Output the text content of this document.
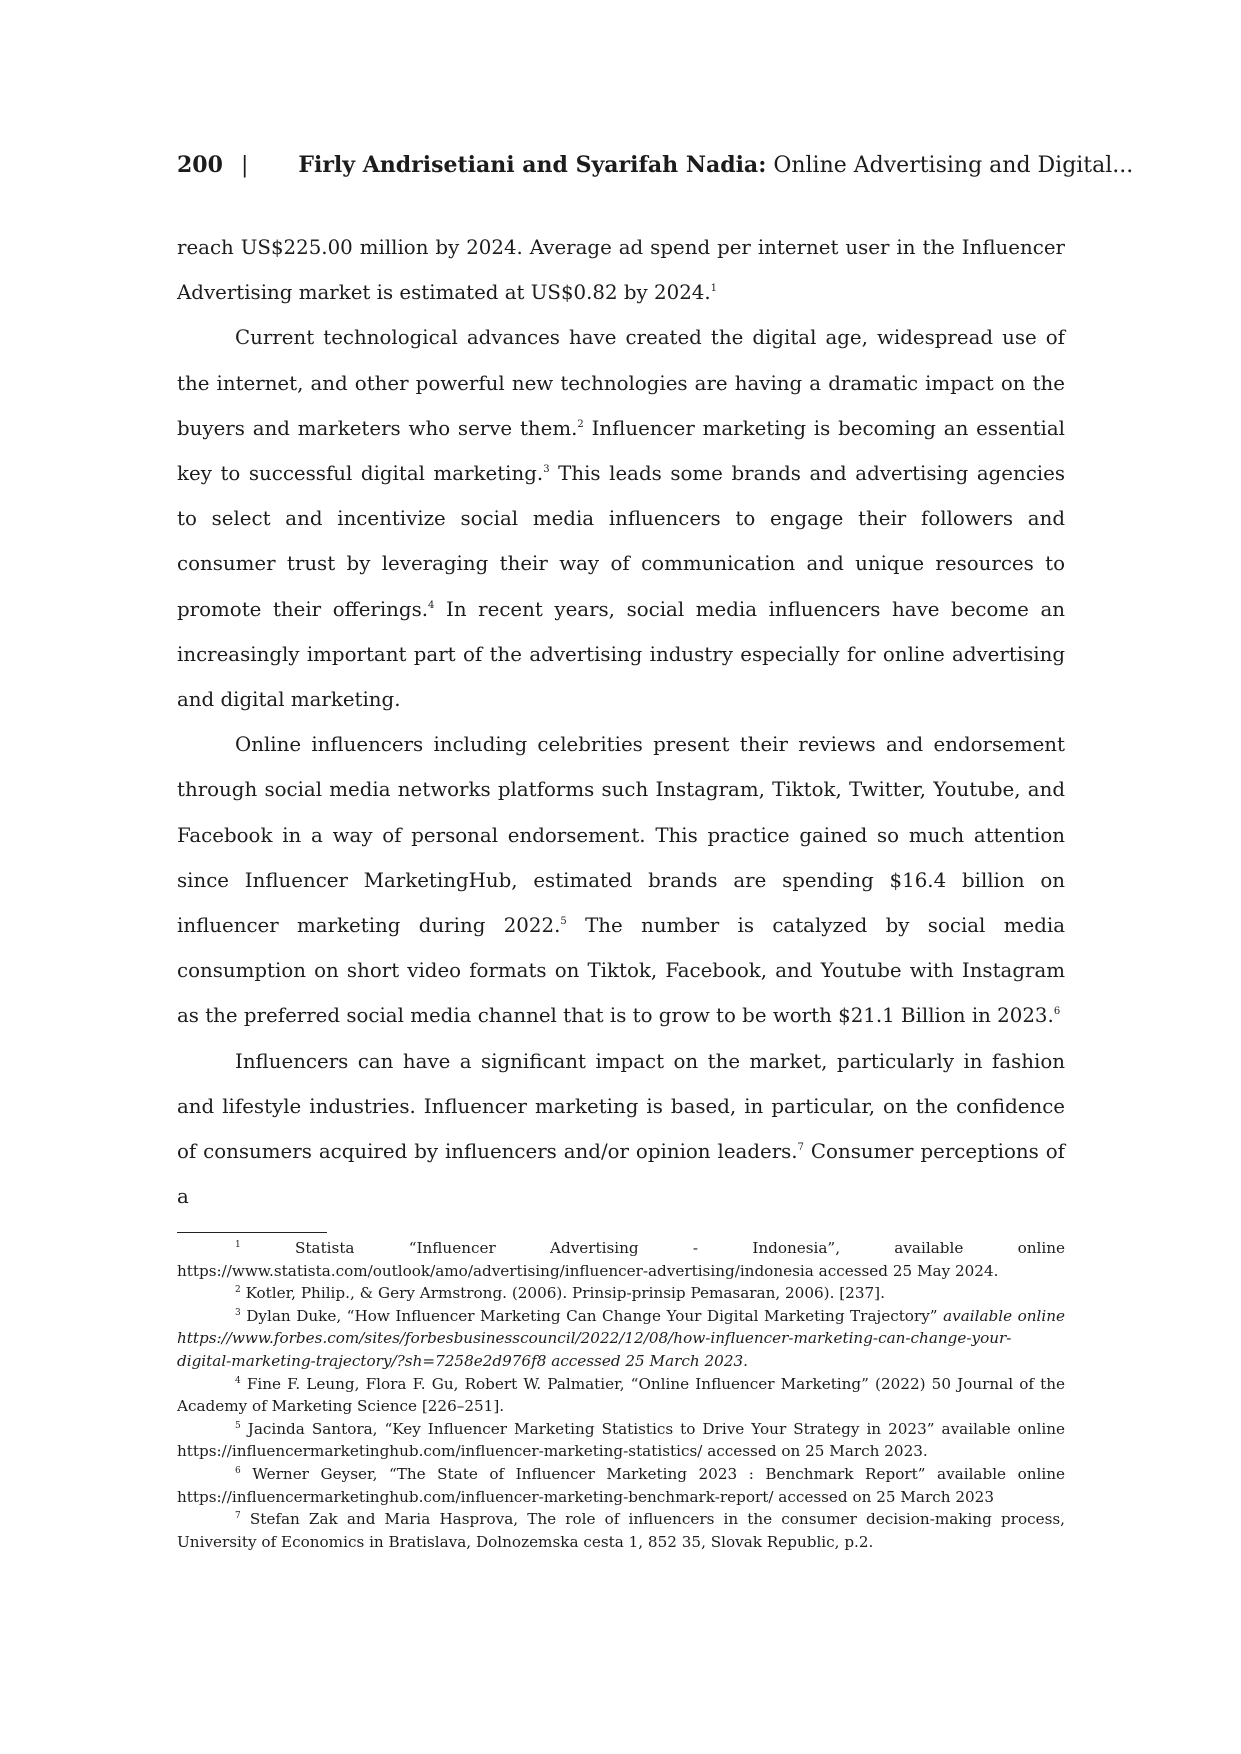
200 | Firly Andrisetiani and Syarifah Nadia: Online Advertising and Digital...

reach US$225.00 million by 2024. Average ad spend per internet user in the Influencer Advertising market is estimated at US$0.82 by 2024.$^1$

Current technological advances have created the digital age, widespread use of the internet, and other powerful new technologies are having a dramatic impact on the buyers and marketers who serve them.$^2$ Influencer marketing is becoming an essential key to successful digital marketing.$^3$ This leads some brands and advertising agencies to select and incentivize social media influencers to engage their followers and consumer trust by leveraging their way of communication and unique resources to promote their offerings.$^4$ In recent years, social media influencers have become an increasingly important part of the advertising industry especially for online advertising and digital marketing.

Online influencers including celebrities present their reviews and endorsement through social media networks platforms such Instagram, Tiktok, Twitter, Youtube, and Facebook in a way of personal endorsement. This practice gained so much attention since Influencer MarketingHub, estimated brands are spending $16.4 billion on influencer marketing during 2022.$^5$ The number is catalyzed by social media consumption on short video formats on Tiktok, Facebook, and Youtube with Instagram as the preferred social media channel that is to grow to be worth $21.1 Billion in 2023.$^6$

Influencers can have a significant impact on the market, particularly in fashion and lifestyle industries. Influencer marketing is based, in particular, on the confidence of consumers acquired by influencers and/or opinion leaders.$^7$ Consumer perceptions of a

$^1$	Statista “Influencer Advertising - Indonesia”, available online https://www.statista.com/outlook/amo/advertising/influencer-advertising/indonesia accessed 25 May 2024.

$^2$ Kotler, Philip., & Gery Armstrong. (2006). Prinsip-prinsip Pemasaran, 2006). [237].

$^3$ Dylan Duke, “How Influencer Marketing Can Change Your Digital Marketing Trajectory” available online https://www.forbes.com/sites/forbesbusinesscouncil/2022/12/08/how-influencer-marketing-can-change-your-digital-marketing-trajectory/?sh=7258e2d976f8 accessed 25 March 2023.

$^4$ Fine F. Leung, Flora F. Gu, Robert W. Palmatier, “Online Influencer Marketing” (2022) 50 Journal of the Academy of Marketing Science [226–251].

$^5$ Jacinda Santora, “Key Influencer Marketing Statistics to Drive Your Strategy in 2023” available online https://influencermarketinghub.com/influencer-marketing-statistics/ accessed on 25 March 2023.

$^6$ Werner Geyser, “The State of Influencer Marketing 2023 : Benchmark Report” available online https://influencermarketinghub.com/influencer-marketing-benchmark-report/ accessed on 25 March 2023

$^7$ Stefan Zak and Maria Hasprova, The role of influencers in the consumer decision-making process, University of Economics in Bratislava, Dolnozemska cesta 1, 852 35, Slovak Republic, p.2.
